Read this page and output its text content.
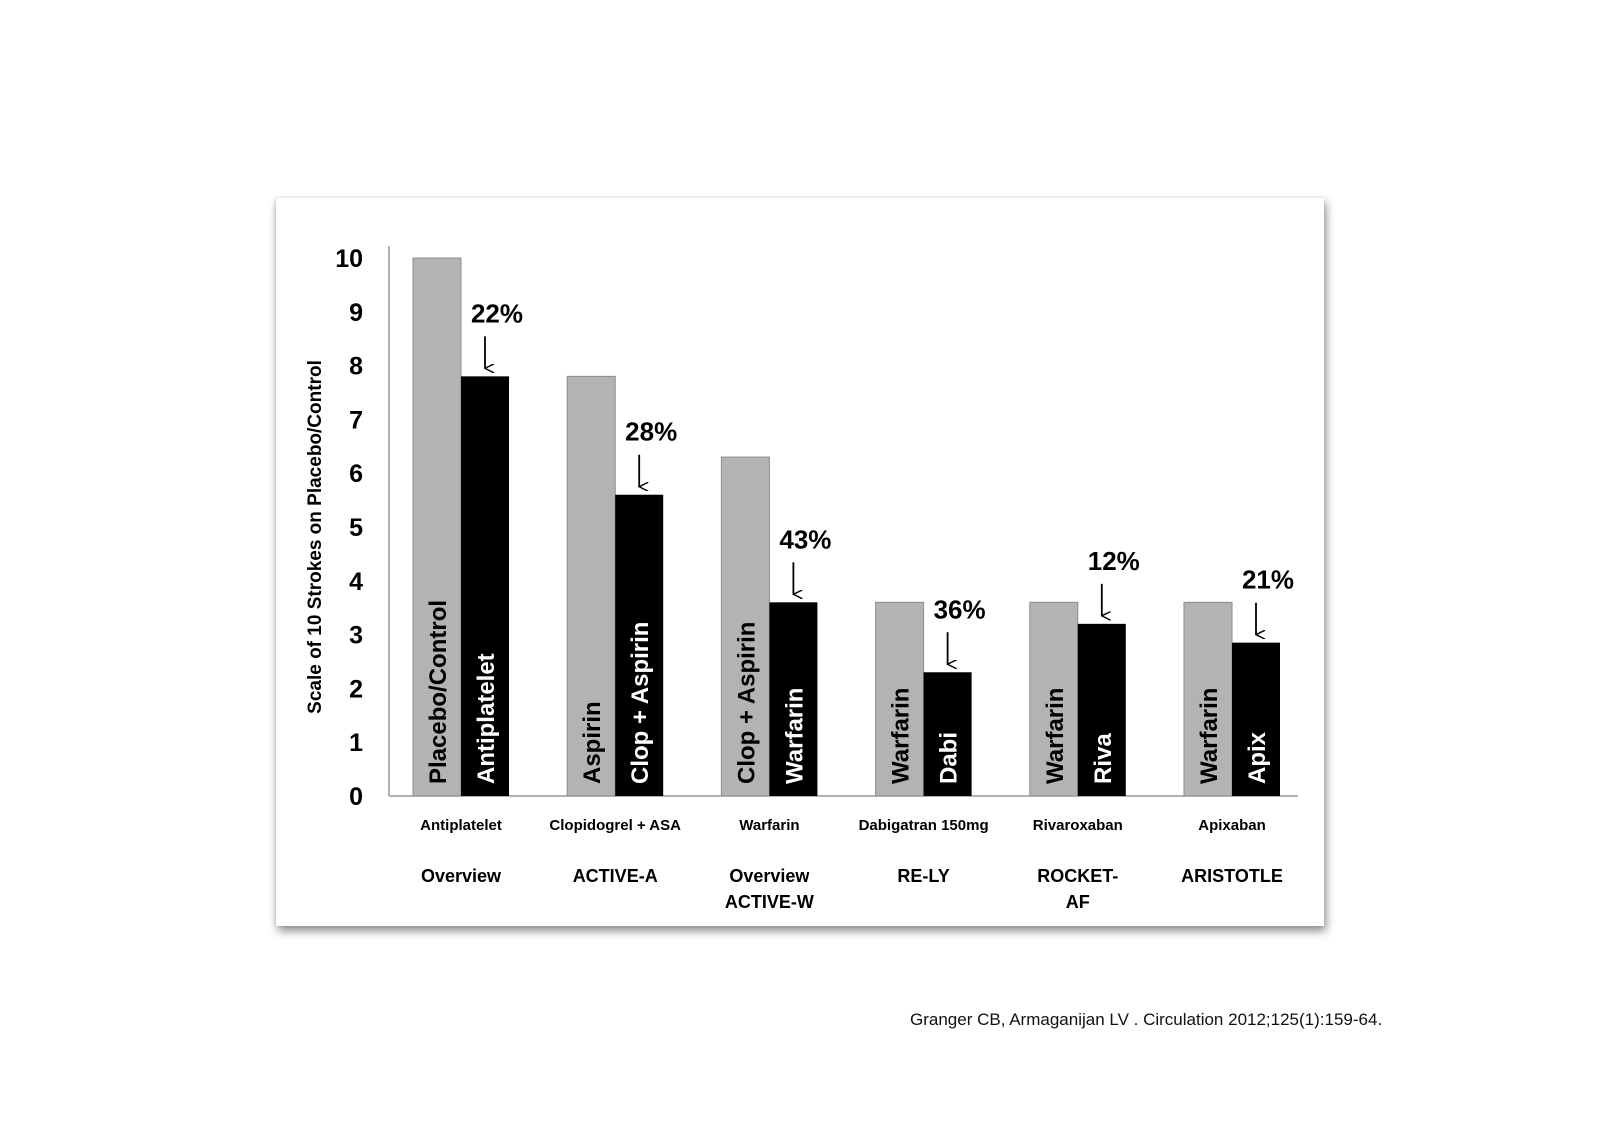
0
1
2
3
4
5
6
7
8
9
10
Scale of 10 Strokes on Placebo/Control	Placebo/Control Antiplatelet
22%
Antiplatelet
Overview
Aspirin Clop + Aspirin
28%
Clopidogrel + ASA
ACTIVE-A
Clop + Aspirin Warfarin
43%
Warfarin
Overview
ACTIVE-W
Warfarin Dabi
36%
Dabigatran 150mg
RE-LY
Warfarin Riva
12%
Rivaroxaban
ROCKET-
AF
Warfarin Apix
21%
Apixaban
ARISTOTLE
Granger CB, Armaganijan LV . Circulation 2012;125(1):159-64.
